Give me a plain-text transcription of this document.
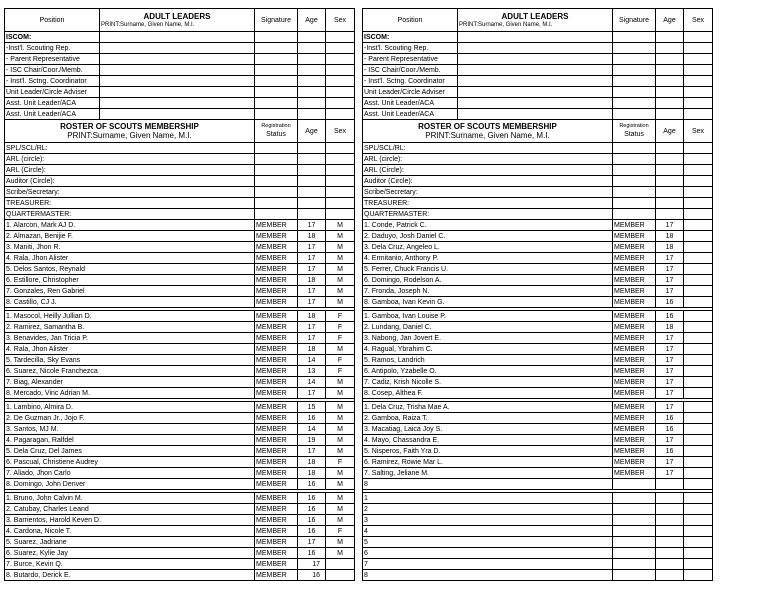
Position	ADULT LEADERS
PRINT:Surname, Given Name, M.I.	Signature	Age	Sex
ISCOM:				
-Inst'l. Scouting Rep.				
- Parent Representative				
- ISC Chair/Coor./Memb.				
- Inst'l. Sctng. Coordinator				
Unit Leader/Circle Adviser				
Asst. Unit Leader/ACA				
Asst. Unit Leader/ACA				

ROSTER OF SCOUTS MEMBERSHIP
PRINT:Surname, Given Name, M.I.		Registration
Status	Age	Sex
SPL/SCL/RL:				
ARL (circle):				
ARL (Circle):				
Auditor (Circle):				
Scribe/Secretary:				
TREASURER:				
QUARTERMASTER:				
1. Alarcon, Mark AJ D.		MEMBER	17	M
2. Almazan, Benijie F.		MEMBER	18	M
3. Maniti, Jhon R.		MEMBER	17	M
4. Rala, Jhon Alister		MEMBER	17	M
5. Delos Santos, Reynald		MEMBER	17	M
6. Estillore, Christopher		MEMBER	18	M
7. Gonzales, Ren Gabriel		MEMBER	17	M
8. Castillo, CJ J.		MEMBER	17	M

1. Masocol, Heilly Jullian D.		MEMBER	18	F
2. Ramirez, Samantha B.		MEMBER	17	F
3. Benavides, Jan Tricia P.		MEMBER	17	F
4. Rala, Jhon Alister		MEMBER	18	M
5. Tardecilla, Sky Evans		MEMBER	14	F
6. Suarez, Nicole Franchezca		MEMBER	13	F
7. Biag, Alexander		MEMBER	14	M
8. Mercado, Vinc Adrian M.		MEMBER	17	M

1. Lambino, Almira D.		MEMBER	15	M
2. De Guzman Jr., Jojo F.		MEMBER	16	M
3. Santos, MJ M.		MEMBER	14	M
4. Pagaragan, Ralfdel		MEMBER	19	M
5. Dela Cruz, Del James		MEMBER	17	M
6. Pascual, Christiene Audrey		MEMBER	18	F
7. Aliado, Jhon Carlo		MEMBER	18	M
8. Domingo, John Denver		MEMBER	16	M

1. Bruno, John Calvin M.		MEMBER	16	M
2. Catubay, Charles Leand		MEMBER	16	M
3. Barrientos, Harold Keven D.		MEMBER	16	M
4. Cardona, Nicole T.		MEMBER	16	F
5. Suarez, Jadriane		MEMBER	17	M
6. Suarez, Kylie Jay		MEMBER	16	M
7. Burce, Kevin Q.		MEMBER	17	
8. Butardo, Derick E.		MEMBER	16	
Position	ADULT LEADERS
PRINT:Surname, Given Name, M.I.	Signature	Age	Sex
ISCOM:				
-Inst'l. Scouting Rep.				
- Parent Representative				
- ISC Chair/Coor./Memb.				
- Inst'l. Sctng. Coordinator				
Unit Leader/Circle Adviser				
Asst. Unit Leader/ACA				
Asst. Unit Leader/ACA				

ROSTER OF SCOUTS MEMBERSHIP
PRINT:Surname, Given Name, M.I.		Registration
Status	Age	Sex
SPL/SCL/RL:				
ARL (circle):				
ARL (Circle):				
Auditor (Circle):				
Scribe/Secretary:				
TREASURER:				
QUARTERMASTER:				
1. Conde, Patrick C.		MEMBER	17	
2. Daduyo, Josh Daniel C.		MEMBER	18	
3. Dela Cruz, Angeleo L.		MEMBER	18	
4. Ermitanio, Anthony P.		MEMBER	17	
5. Ferrer, Chuck Francis U.		MEMBER	17	
6. Domingo, Rodelson A.		MEMBER	17	
7. Fronda, Joseph N.		MEMBER	17	
8. Gamboa, Ivan Kevin G.		MEMBER	16	

1. Gamboa, Ivan Louise P.		MEMBER	16	
2. Lundang, Daniel C.		MEMBER	18	
3. Nabong, Jan Jovert E.		MEMBER	17	
4. Ragual, Ybrahim C.		MEMBER	17	
5. Ramos, Landrich		MEMBER	17	
6. Antipolo, Yzabelle O.		MEMBER	17	
7. Cadiz, Krish Nicolle S.		MEMBER	17	
8. Cosep, Althea F.		MEMBER	17	

1. Dela Cruz, Trisha Mae A.		MEMBER	17	
2. Gamboa, Raiza T.		MEMBER	16	
3. Macatiag, Laica Joy S.		MEMBER	16	
4. Mayo, Chassandra E.		MEMBER	17	
5. Nisperos, Faith Yra D.		MEMBER	16	
6. Ramirez, Rowie Mar L.		MEMBER	17	
7. Salting, Jeliane M.		MEMBER	17	
8				

1				
2				
3				
4				
5				
6				
7				
8				
